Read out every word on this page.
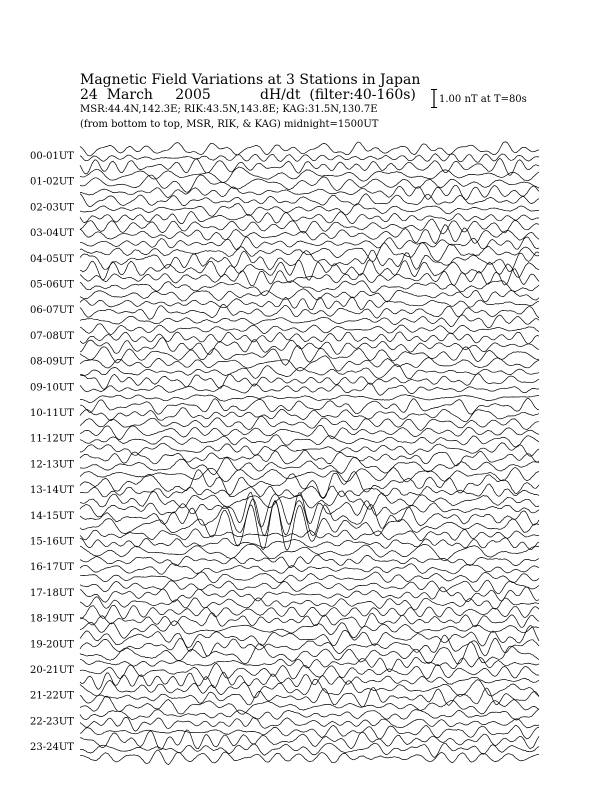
Magnetic Field Variations at 3 Stations in Japan

24  March     2005

	dH/dt  (filter:40-160s)

MSR:44.4N,142.3E; RIK:43.5N,143.8E; KAG:31.5N,130.7E
(from bottom to top, MSR, RIK, & KAG) midnight=1500UT
1.00 nT at T=80s
00-01UT
01-02UT
02-03UT
03-04UT
04-05UT
05-06UT
06-07UT
07-08UT
08-09UT
09-10UT
10-11UT
11-12UT
12-13UT
13-14UT
14-15UT
15-16UT
16-17UT
17-18UT
18-19UT
19-20UT
20-21UT
21-22UT
22-23UT
23-24UT
